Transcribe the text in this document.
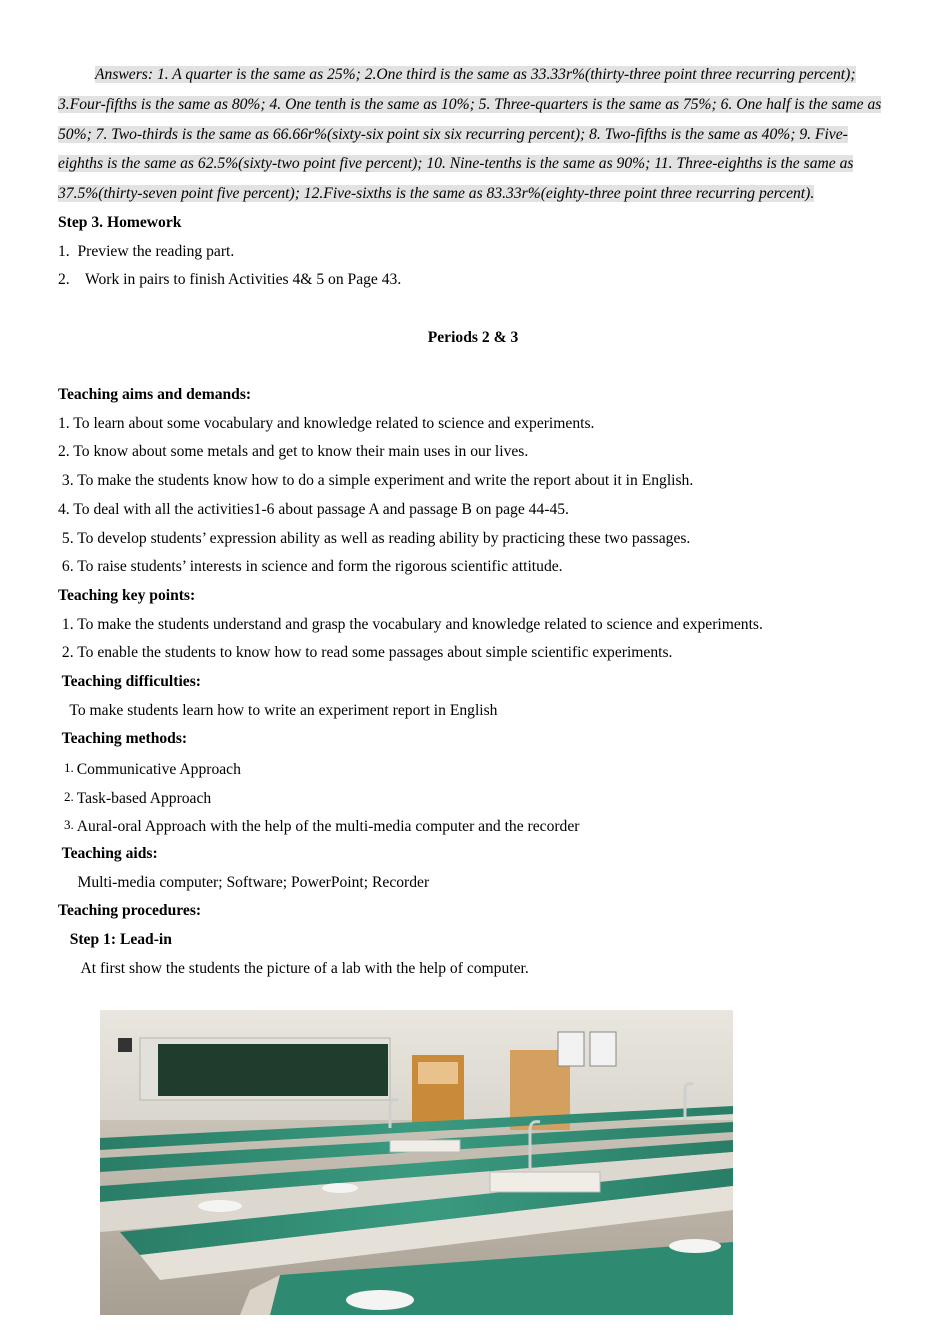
Answers: 1. A quarter is the same as 25%; 2.One third is the same as 33.33r%(thirty-three point three recurring percent); 3.Four-fifths is the same as 80%; 4. One tenth is the same as 10%; 5. Three-quarters is the same as 75%; 6. One half is the same as 50%; 7. Two-thirds is the same as 66.66r%(sixty-six point six six recurring percent); 8. Two-fifths is the same as 40%; 9. Five-eighths is the same as 62.5%(sixty-two point five percent); 10. Nine-tenths is the same as 90%; 11. Three-eighths is the same as 37.5%(thirty-seven point five percent); 12.Five-sixths is the same as 83.33r%(eighty-three point three recurring percent).

Step 3. Homework
1.  Preview the reading part.
2.    Work in pairs to finish Activities 4& 5 on Page 43.
Periods 2 & 3
Teaching aims and demands:
1. To learn about some vocabulary and knowledge related to science and experiments.
2. To know about some metals and get to know their main uses in our lives.
3. To make the students know how to do a simple experiment and write the report about it in English.
4. To deal with all the activities1-6 about passage A and passage B on page 44-45.
5. To develop students’ expression ability as well as reading ability by practicing these two passages.
6. To raise students’ interests in science and form the rigorous scientific attitude.
Teaching key points:
1. To make the students understand and grasp the vocabulary and knowledge related to science and experiments.
2. To enable the students to know how to read some passages about simple scientific experiments.
Teaching difficulties:
To make students learn how to write an experiment report in English
Teaching methods:
1. Communicative Approach
2. Task-based Approach
3. Aural-oral Approach with the help of the multi-media computer and the recorder
Teaching aids:
Multi-media computer; Software; PowerPoint; Recorder
Teaching procedures:
Step 1: Lead-in
At first show the students the picture of a lab with the help of computer.
